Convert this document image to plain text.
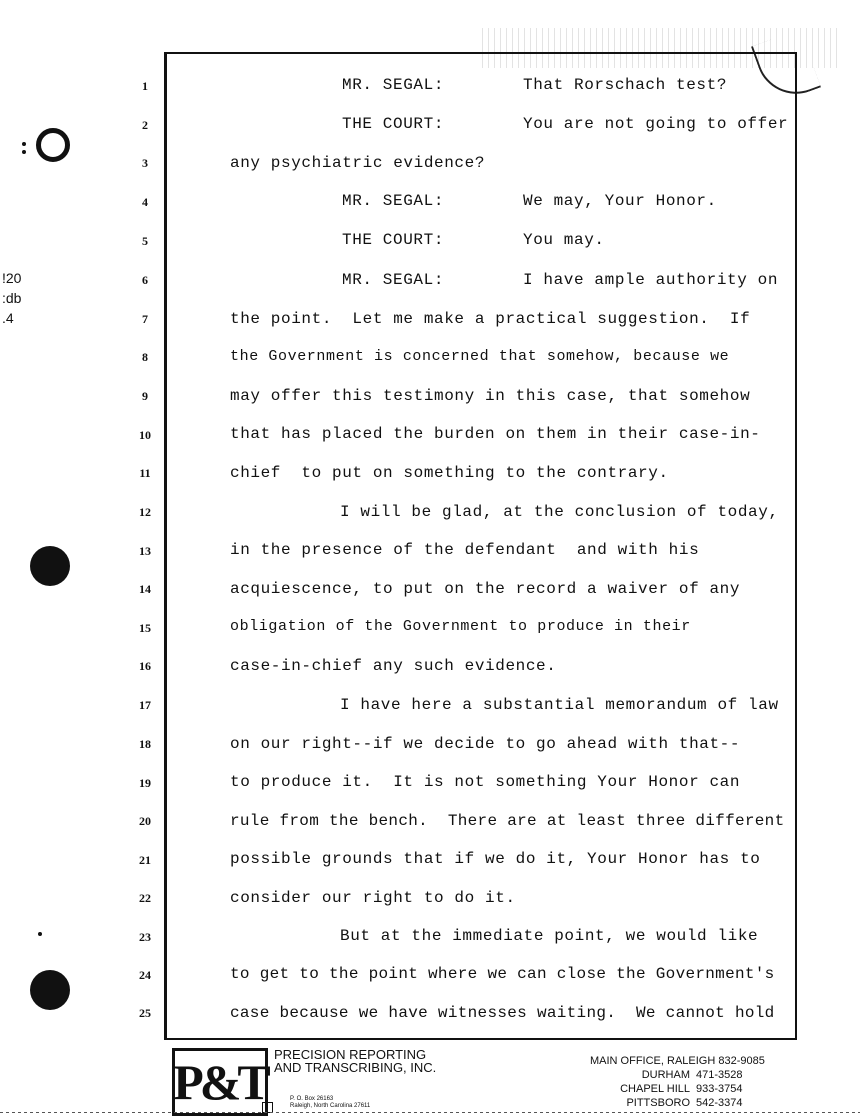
!20
:db
.4
1
2
3
4
5
6
7
8
9
10
11
12
13
14
15
16
17
18
19
20
21
22
23
24
25
MR. SEGAL:	That Rorschach test?
THE COURT:	You are not going to offer
any psychiatric evidence?
MR. SEGAL:	We may, Your Honor.
THE COURT:	You may.
MR. SEGAL:	I have ample authority on
the point.  Let me make a practical suggestion.  If
the Government is concerned that somehow, because we
may offer this testimony in this case, that somehow
that has placed the burden on them in their case-in-
chief  to put on something to the contrary.
I will be glad, at the conclusion of today,
in the presence of the defendant  and with his
acquiescence, to put on the record a waiver of any
obligation of the Government to produce in their
case-in-chief any such evidence.
I have here a substantial memorandum of law
on our right--if we decide to go ahead with that--
to produce it.  It is not something Your Honor can
rule from the bench.  There are at least three different
possible grounds that if we do it, Your Honor has to
consider our right to do it.
But at the immediate point, we would like
to get to the point where we can close the Government's
case because we have witnesses waiting.  We cannot hold
P&T PRECISION REPORTING
AND TRANSCRIBING, INC.
P. O. Box 26163
Raleigh, North Carolina 27611
MAIN OFFICE, RALEIGH
832-9085
DURHAM 471-3528
CHAPEL HILL 933-3754
PITTSBORO 542-3374
